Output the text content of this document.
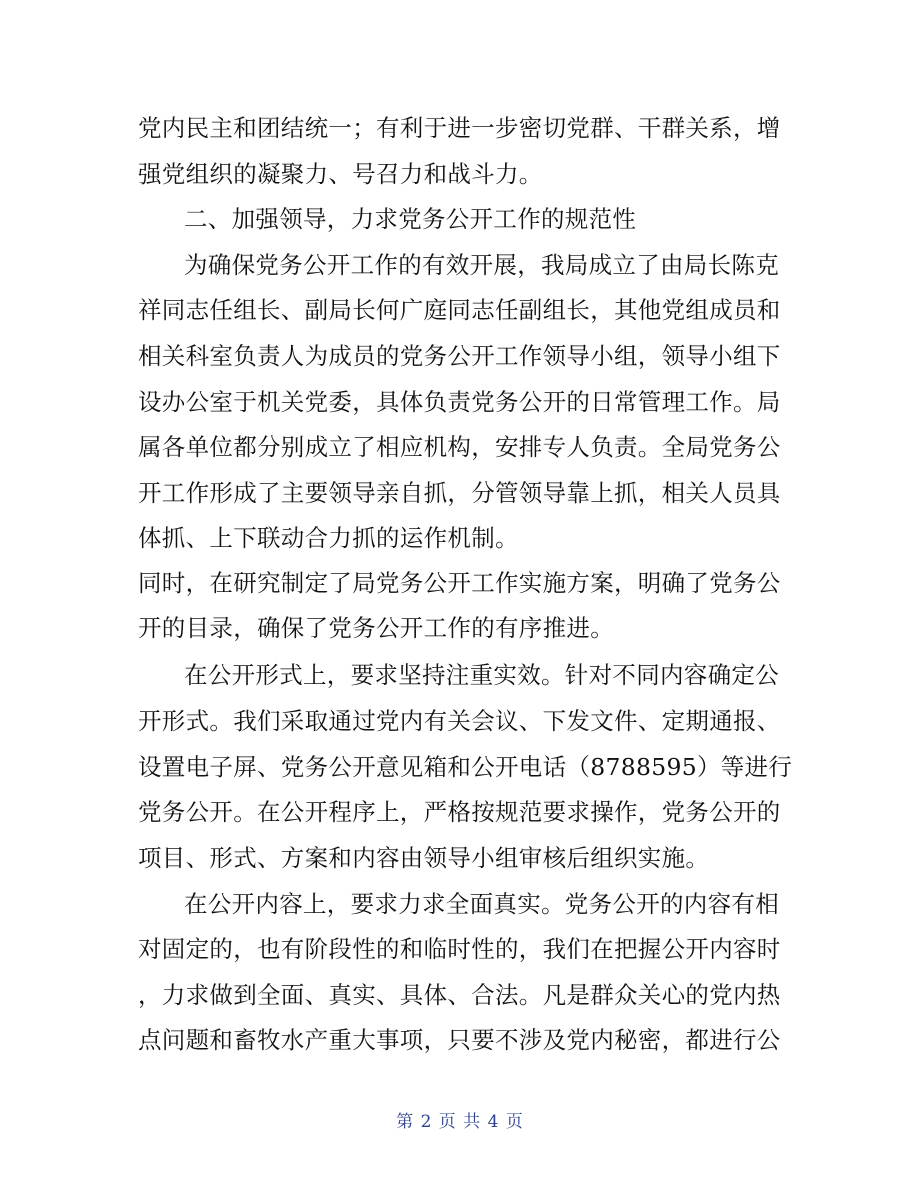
党内民主和团结统一；有利于进一步密切党群、干群关系，增
强党组织的凝聚力、号召力和战斗力。
二、加强领导，力求党务公开工作的规范性
为确保党务公开工作的有效开展，我局成立了由局长陈克
祥同志任组长、副局长何广庭同志任副组长，其他党组成员和
相关科室负责人为成员的党务公开工作领导小组，领导小组下
设办公室于机关党委，具体负责党务公开的日常管理工作。局
属各单位都分别成立了相应机构，安排专人负责。全局党务公
开工作形成了主要领导亲自抓，分管领导靠上抓，相关人员具
体抓、上下联动合力抓的运作机制。
同时，在研究制定了局党务公开工作实施方案，明确了党务公
开的目录，确保了党务公开工作的有序推进。
在公开形式上，要求坚持注重实效。针对不同内容确定公
开形式。我们采取通过党内有关会议、下发文件、定期通报、
设置电子屏、党务公开意见箱和公开电话（8788595）等进行
党务公开。在公开程序上，严格按规范要求操作，党务公开的
项目、形式、方案和内容由领导小组审核后组织实施。
在公开内容上，要求力求全面真实。党务公开的内容有相
对固定的，也有阶段性的和临时性的，我们在把握公开内容时
，力求做到全面、真实、具体、合法。凡是群众关心的党内热
点问题和畜牧水产重大事项，只要不涉及党内秘密，都进行公
第 2 页 共 4 页
